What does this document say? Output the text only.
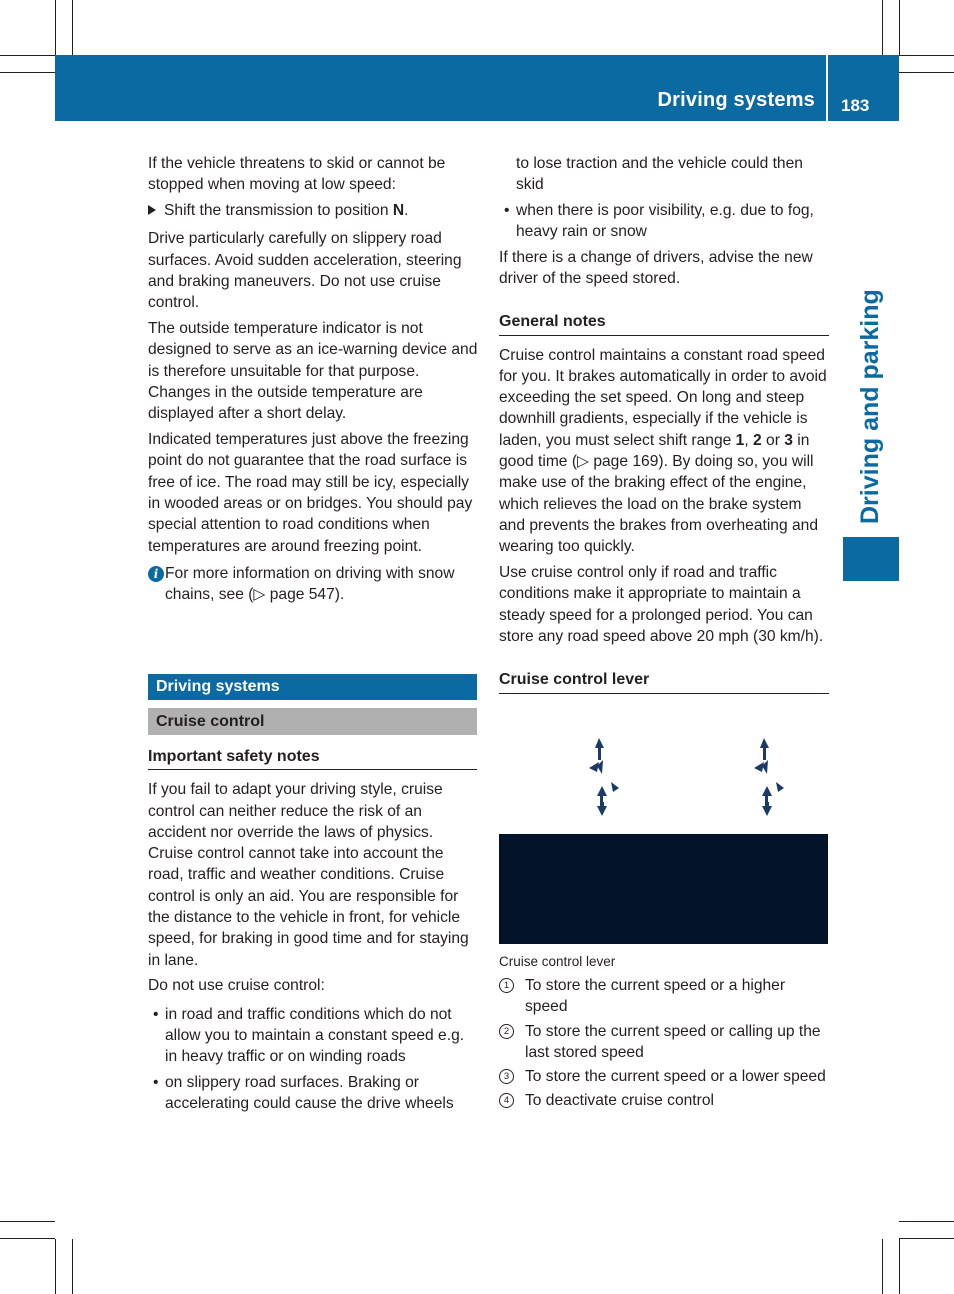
Driving systems 183
Driving and parking

If the vehicle threatens to skid or cannot be stopped when moving at low speed:

Shift the transmission to position N.

Drive particularly carefully on slippery road surfaces. Avoid sudden acceleration, steering and braking maneuvers. Do not use cruise control.

The outside temperature indicator is not designed to serve as an ice-warning device and is therefore unsuitable for that purpose. Changes in the outside temperature are displayed after a short delay.

Indicated temperatures just above the freezing point do not guarantee that the road surface is free of ice. The road may still be icy, especially in wooded areas or on bridges. You should pay special attention to road conditions when temperatures are around freezing point.

i For more information on driving with snow chains, see (▷ page 547).
Driving systems
Cruise control
Important safety notes

If you fail to adapt your driving style, cruise control can neither reduce the risk of an accident nor override the laws of physics. Cruise control cannot take into account the road, traffic and weather conditions. Cruise control is only an aid. You are responsible for the distance to the vehicle in front, for vehicle speed, for braking in good time and for staying in lane.

Do not use cruise control:

• in road and traffic conditions which do not allow you to maintain a constant speed e.g. in heavy traffic or on winding roads
• on slippery road surfaces. Braking or accelerating could cause the drive wheels

to lose traction and the vehicle could then skid

• when there is poor visibility, e.g. due to fog, heavy rain or snow

If there is a change of drivers, advise the new driver of the speed stored.

General notes

Cruise control maintains a constant road speed for you. It brakes automatically in order to avoid exceeding the set speed. On long and steep downhill gradients, especially if the vehicle is laden, you must select shift range 1, 2 or 3 in good time (▷ page 169). By doing so, you will make use of the braking effect of the engine, which relieves the load on the brake system and prevents the brakes from overheating and wearing too quickly.

Use cruise control only if road and traffic conditions make it appropriate to maintain a steady speed for a prolonged period. You can store any road speed above 20 mph (30 km/h).

Cruise control lever
Cruise control lever
1	To store the current speed or a higher speed
2	To store the current speed or calling up the last stored speed
3	To store the current speed or a lower speed
4	To deactivate cruise control
